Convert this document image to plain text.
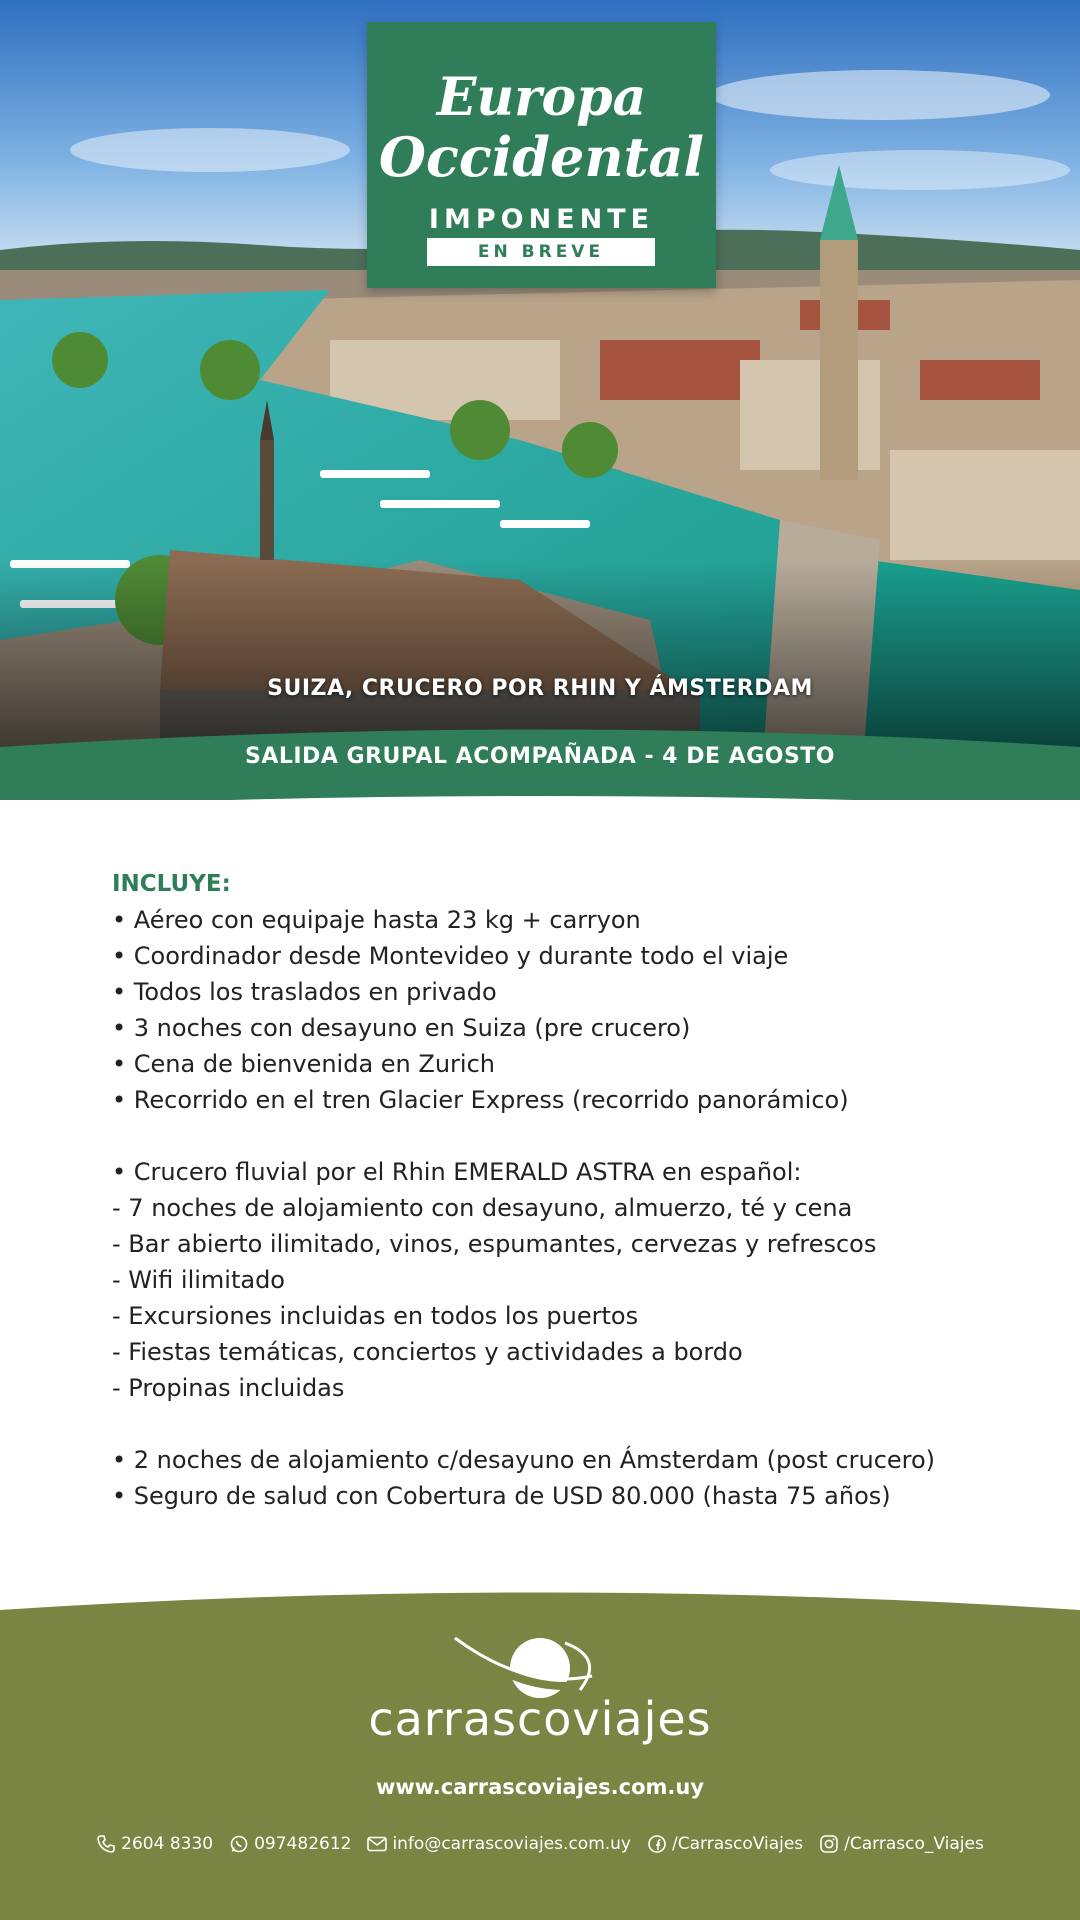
Europa
Occidental
IMPONENTE
EN BREVE
SUIZA, CRUCERO POR RHIN Y ÁMSTERDAM
SALIDA GRUPAL ACOMPAÑADA - 4 DE AGOSTO
INCLUYE:
• Aéreo con equipaje hasta 23 kg + carryon
• Coordinador desde Montevideo y durante todo el viaje
• Todos los traslados en privado
• 3 noches con desayuno en Suiza (pre crucero)
• Cena de bienvenida en Zurich
• Recorrido en el tren Glacier Express (recorrido panorámico)
• Crucero fluvial por el Rhin EMERALD ASTRA en español:
- 7 noches de alojamiento con desayuno, almuerzo, té y cena
- Bar abierto ilimitado, vinos, espumantes, cervezas y refrescos
- Wifi ilimitado
- Excursiones incluidas en todos los puertos
- Fiestas temáticas, conciertos y actividades a bordo
- Propinas incluidas
• 2 noches de alojamiento c/desayuno en Ámsterdam (post crucero)
• Seguro de salud con Cobertura de USD 80.000 (hasta 75 años)
carrascoviajes
www.carrascoviajes.com.uy
2604 8330 097482612 info@carrascoviajes.com.uy /CarrascoViajes /Carrasco_Viajes
